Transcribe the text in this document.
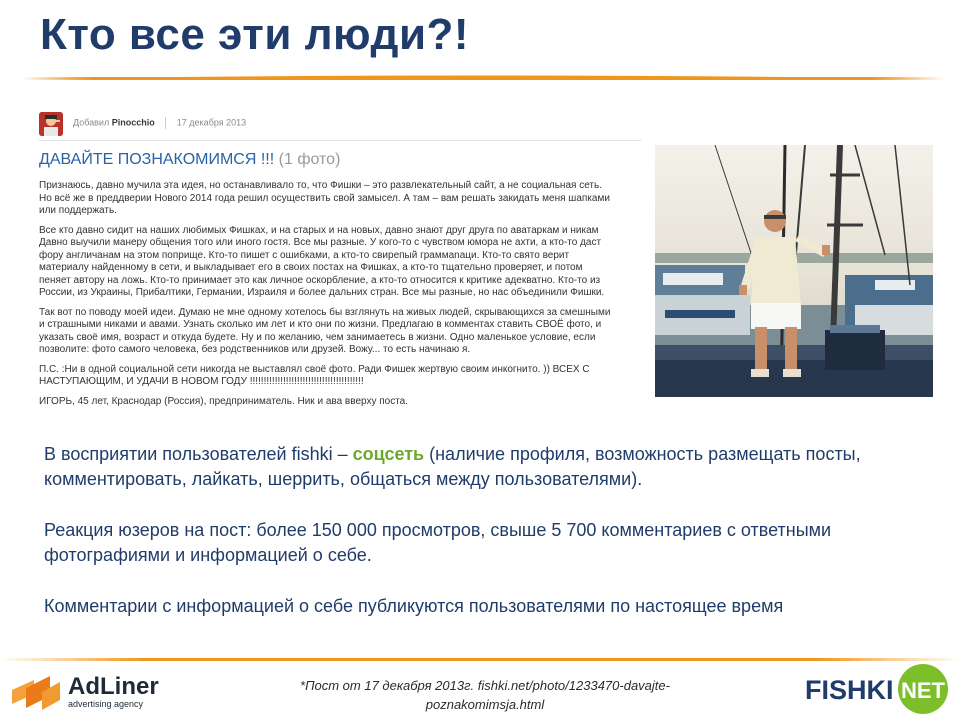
Кто все эти люди?!
Добавил Pinocchio 17 декабря 2013
ДАВАЙТЕ ПОЗНАКОМИМСЯ !!! (1 фото)

Признаюсь, давно мучила эта идея, но останавливало то, что Фишки – это развлекательный сайт, а не социальная сеть.
Но всё же в преддверии Нового 2014 года решил осуществить свой замысел. А там – вам решать закидать меня шапками
или поддержать.

Все кто давно сидит на наших любимых Фишках, и на старых и на новых, давно знают друг друга по аватаркам и никам
Давно выучили манеру общения того или иного гостя. Все мы разные. У кого-то с чувством юмора не ахти, а кто-то даст
фору англичанам на этом поприще. Кто-то пишет с ошибками, а кто-то свирепый граммаnаци. Кто-то свято верит
материалу найденному в сети, и выкладывает его в своих постах на Фишках, а кто-то тщательно проверяет, и потом
пеняет автору на ложь. Кто-то принимает это как личное оскорбление, а кто-то относится к критике адекватно. Кто-то из
России, из Украины, Прибалтики, Германии, Израиля и более дальних стран. Все мы разные, но нас объединили Фишки.

Так вот по поводу моей идеи. Думаю не мне одному хотелось бы взглянуть на живых людей, скрывающихся за смешными
и страшными никами и авами. Узнать сколько им лет и кто они по жизни. Предлагаю в комментах ставить СВОЁ фото, и
указать своё имя, возраст и откуда будете. Ну и по желанию, чем занимаетесь в жизни. Одно маленькое условие, если
позволите: фото самого человека, без родственников или друзей. Вожу... то есть начинаю я.

П.С. :Ни в одной социальной сети никогда не выставлял своё фото. Ради Фишек жертвую своим инкогнито. )) ВСЕХ С
НАСТУПАЮЩИМ, И УДАЧИ В НОВОМ ГОДУ !!!!!!!!!!!!!!!!!!!!!!!!!!!!!!!!!!!!!!!!!

ИГОРЬ, 45 лет, Краснодар (Россия), предприниматель. Ник и ава вверху поста.

В восприятии пользователей fishki – соцсеть (наличие профиля, возможность размещать посты, комментировать, лайкать, шеррить, общаться между пользователями).

Реакция юзеров на пост: более 150 000 просмотров, свыше 5 700 комментариев с ответными фотографиями и информацией о себе.

Комментарии с информацией о себе публикуются пользователями по настоящее время

AdLiner
advertising agency
*Пост от 17 декабря 2013г. fishki.net/photo/1233470-davajte-
poznakomimsja.html	FISHKI NET
